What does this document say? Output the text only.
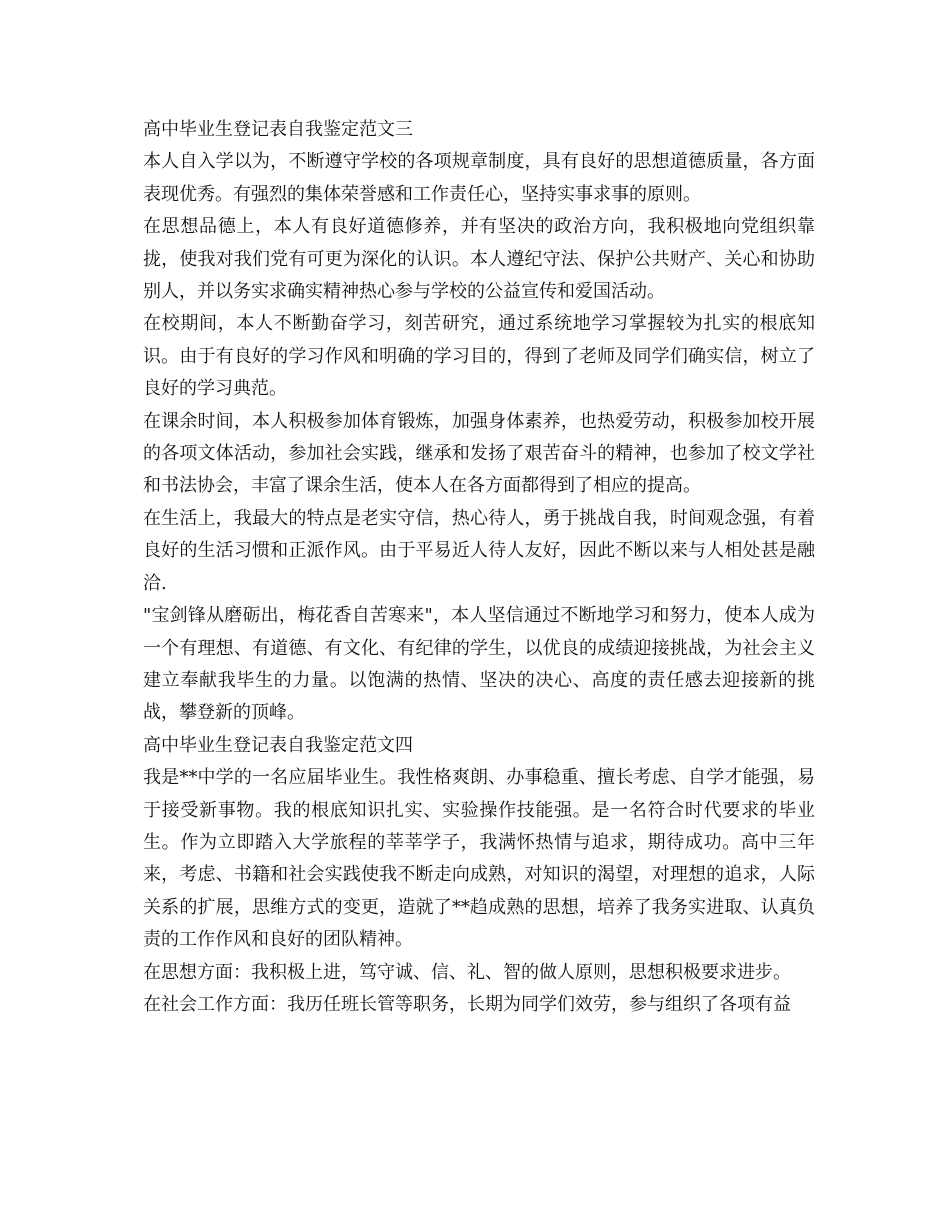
高中毕业生登记表自我鉴定范文三

本人自入学以为，不断遵守学校的各项规章制度，具有良好的思想道德质量，各方面表现优秀。有强烈的集体荣誉感和工作责任心，坚持实事求事的原则。

在思想品德上，本人有良好道德修养，并有坚决的政治方向，我积极地向党组织靠拢，使我对我们党有可更为深化的认识。本人遵纪守法、保护公共财产、关心和协助别人，并以务实求确实精神热心参与学校的公益宣传和爱国活动。

在校期间，本人不断勤奋学习，刻苦研究，通过系统地学习掌握较为扎实的根底知识。由于有良好的学习作风和明确的学习目的，得到了老师及同学们确实信，树立了良好的学习典范。

在课余时间，本人积极参加体育锻炼，加强身体素养，也热爱劳动，积极参加校开展的各项文体活动，参加社会实践，继承和发扬了艰苦奋斗的精神，也参加了校文学社和书法协会，丰富了课余生活，使本人在各方面都得到了相应的提高。

在生活上，我最大的特点是老实守信，热心待人，勇于挑战自我，时间观念强，有着良好的生活习惯和正派作风。由于平易近人待人友好，因此不断以来与人相处甚是融洽.

"宝剑锋从磨砺出，梅花香自苦寒来"，本人坚信通过不断地学习和努力，使本人成为一个有理想、有道德、有文化、有纪律的学生，以优良的成绩迎接挑战，为社会主义建立奉献我毕生的力量。以饱满的热情、坚决的决心、高度的责任感去迎接新的挑战，攀登新的顶峰。

高中毕业生登记表自我鉴定范文四

我是**中学的一名应届毕业生。我性格爽朗、办事稳重、擅长考虑、自学才能强，易于接受新事物。我的根底知识扎实、实验操作技能强。是一名符合时代要求的毕业生。作为立即踏入大学旅程的莘莘学子，我满怀热情与追求，期待成功。高中三年来，考虑、书籍和社会实践使我不断走向成熟，对知识的渴望，对理想的追求，人际关系的扩展，思维方式的变更，造就了**趋成熟的思想，培养了我务实进取、认真负责的工作作风和良好的团队精神。

在思想方面：我积极上进，笃守诚、信、礼、智的做人原则，思想积极要求进步。

在社会工作方面：我历任班长管等职务，长期为同学们效劳，参与组织了各项有益
